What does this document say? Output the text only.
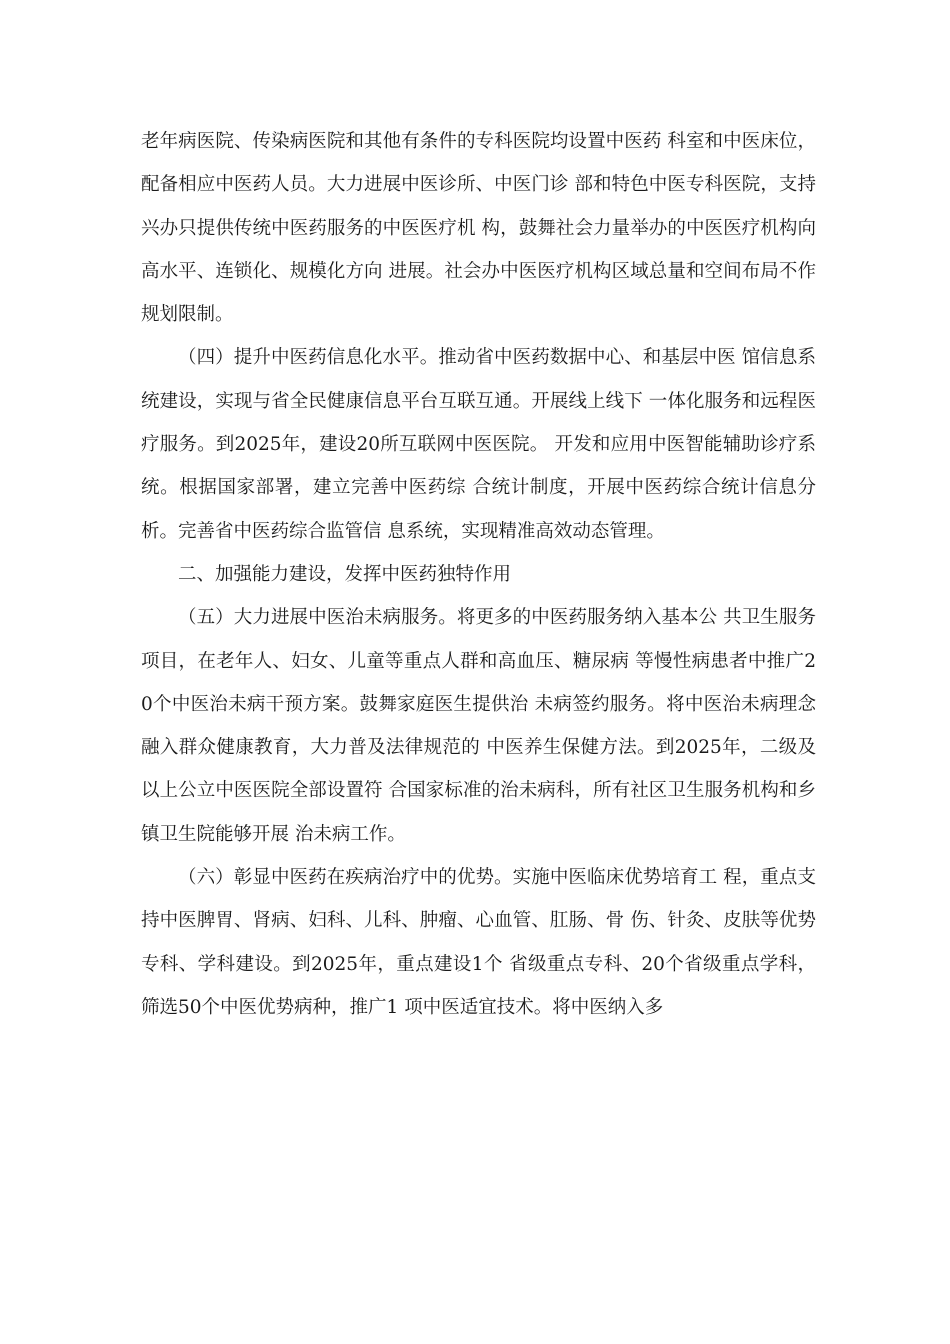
老年病医院、传染病医院和其他有条件的专科医院均设置中医药 科室和中医床位，配备相应中医药人员。大力进展中医诊所、中医门诊 部和特色中医专科医院，支持兴办只提供传统中医药服务的中医医疗机 构，鼓舞社会力量举办的中医医疗机构向高水平、连锁化、规模化方向 进展。社会办中医医疗机构区域总量和空间布局不作规划限制。

（四）提升中医药信息化水平。推动省中医药数据中心、和基层中医 馆信息系统建设，实现与省全民健康信息平台互联互通。开展线上线下 一体化服务和远程医疗服务。到2025年，建设20所互联网中医医院。 开发和应用中医智能辅助诊疗系统。根据国家部署，建立完善中医药综 合统计制度，开展中医药综合统计信息分析。完善省中医药综合监管信 息系统，实现精准高效动态管理。

二、加强能力建设，发挥中医药独特作用

（五）大力进展中医治未病服务。将更多的中医药服务纳入基本公 共卫生服务项目，在老年人、妇女、儿童等重点人群和高血压、糖尿病 等慢性病患者中推广20个中医治未病干预方案。鼓舞家庭医生提供治 未病签约服务。将中医治未病理念融入群众健康教育，大力普及法律规范的 中医养生保健方法。到2025年，二级及以上公立中医医院全部设置符 合国家标准的治未病科，所有社区卫生服务机构和乡镇卫生院能够开展 治未病工作。

（六）彰显中医药在疾病治疗中的优势。实施中医临床优势培育工 程，重点支持中医脾胃、肾病、妇科、儿科、肿瘤、心血管、肛肠、骨 伤、针灸、皮肤等优势专科、学科建设。到2025年，重点建设1个 省级重点专科、20个省级重点学科，筛选50个中医优势病种，推广1 项中医适宜技术。将中医纳入多
